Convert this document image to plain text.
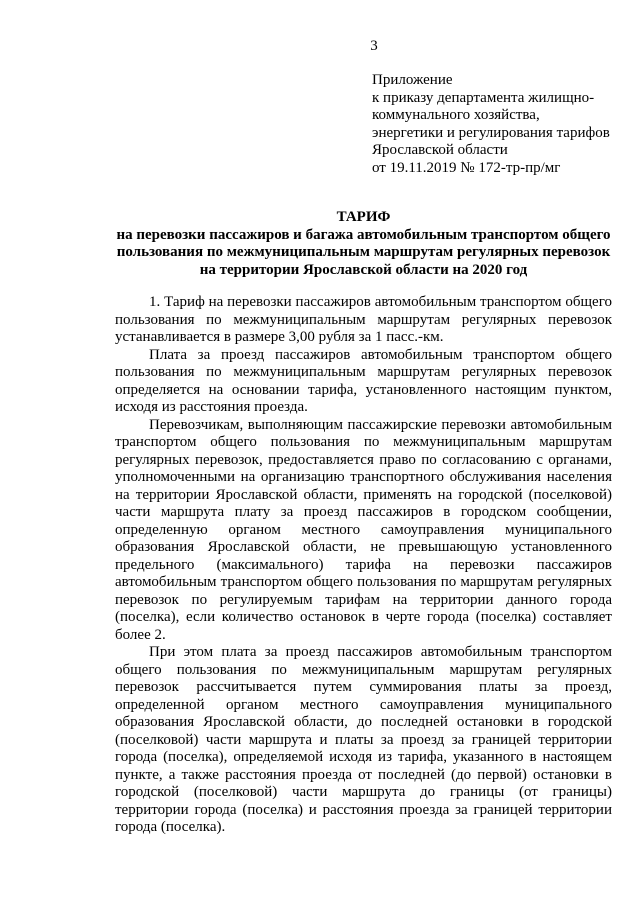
3
Приложение
к приказу департамента жилищно-
коммунального хозяйства,
энергетики и регулирования тарифов
Ярославской области
от 19.11.2019 № 172-тр-пр/мг
ТАРИФ
на перевозки пассажиров и багажа автомобильным транспортом общего
пользования по межмуниципальным маршрутам регулярных перевозок
на территории Ярославской области на 2020 год

1. Тариф на перевозки пассажиров автомобильным транспортом общего пользования по межмуниципальным маршрутам регулярных перевозок устанавливается в размере 3,00 рубля за 1 пасс.-км.

Плата за проезд пассажиров автомобильным транспортом общего пользования по межмуниципальным маршрутам регулярных перевозок определяется на основании тарифа, установленного настоящим пунктом, исходя из расстояния проезда.

Перевозчикам, выполняющим пассажирские перевозки автомобильным транспортом общего пользования по межмуниципальным маршрутам регулярных перевозок, предоставляется право по согласованию с органами, уполномоченными на организацию транспортного обслуживания населения на территории Ярославской области, применять на городской (поселковой) части маршрута плату за проезд пассажиров в городском сообщении, определенную органом местного самоуправления муниципального образования Ярославской области, не превышающую установленного предельного (максимального) тарифа на перевозки пассажиров автомобильным транспортом общего пользования по маршрутам регулярных перевозок по регулируемым тарифам на территории данного города (поселка), если количество остановок в черте города (поселка) составляет более 2.

При этом плата за проезд пассажиров автомобильным транспортом общего пользования по межмуниципальным маршрутам регулярных перевозок рассчитывается путем суммирования платы за проезд, определенной органом местного самоуправления муниципального образования Ярославской области, до последней остановки в городской (поселковой) части маршрута и платы за проезд за границей территории города (поселка), определяемой исходя из тарифа, указанного в настоящем пункте, а также расстояния проезда от последней (до первой) остановки в городской (поселковой) части маршрута до границы (от границы) территории города (поселка) и расстояния проезда за границей территории города (поселка).
